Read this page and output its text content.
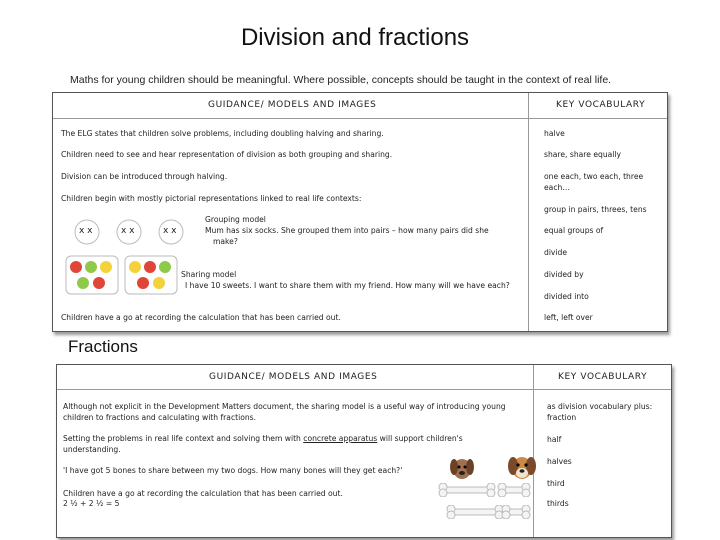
Division and fractions
Maths for young children should be meaningful. Where possible, concepts should be taught in the context of real life.
GUIDANCE/ MODELS AND IMAGES	KEY VOCABULARY
The ELG states that children solve problems, including doubling halving and sharing.
Children need to see and hear representation of division as both grouping and sharing.
Division can be introduced through halving.
Children begin with mostly pictorial representations linked to real life contexts:
x x	x x	x x
Grouping model
Mum has six socks. She grouped them into pairs – how many pairs did she
make?
Sharing model
I have 10 sweets. I want to share them with my friend. How many will we have each?
Children have a go at recording the calculation that has been carried out.
halve
share, share equally
one each, two each, three each…
group in pairs, threes, tens
equal groups of
divide
divided by
divided into
left, left over
Fractions
GUIDANCE/ MODELS AND IMAGES	KEY VOCABULARY
Although not explicit in the Development Matters document, the sharing model is a useful way of introducing young children to fractions and calculating with fractions.
Setting the problems in real life context and solving them with concrete apparatus will support children's understanding.
'I have got 5 bones to share between my two dogs. How many bones will they get each?'
Children have a go at recording the calculation that has been carried out.
2 ½ + 2 ½ = 5
as division vocabulary plus: fraction
half
halves
third
thirds
